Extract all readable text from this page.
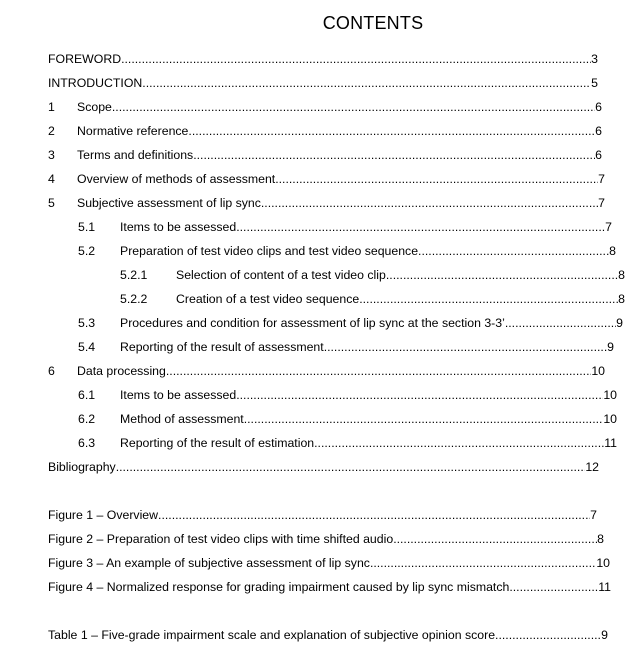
CONTENTS
FOREWORD .....	3
INTRODUCTION .....	5
1	Scope .....	6
2	Normative reference .....	6
3	Terms and definitions .....	6
4	Overview of methods of assessment .....	7
5	Subjective assessment of lip sync .....	7
5.1	Items to be assessed .....	7
5.2	Preparation of test video clips and test video sequence .....	8
5.2.1	Selection of content of a test video clip .....	8
5.2.2	Creation of a test video sequence .....	8
5.3	Procedures and condition for assessment of lip sync at the section 3-3’ .....	9
5.4	Reporting of the result of assessment .....	9
6	Data processing .....	10
6.1	Items to be assessed .....	10
6.2	Method of assessment .....	10
6.3	Reporting of the result of estimation .....	11
Bibliography .....	12
Figure 1 – Overview .....	7
Figure 2 – Preparation of test video clips with time shifted audio .....	8
Figure 3 – An example of subjective assessment of lip sync .....	10
Figure 4 – Normalized response for grading impairment caused by lip sync mismatch .....	11
Table 1 – Five-grade impairment scale and explanation of subjective opinion score .....	9
